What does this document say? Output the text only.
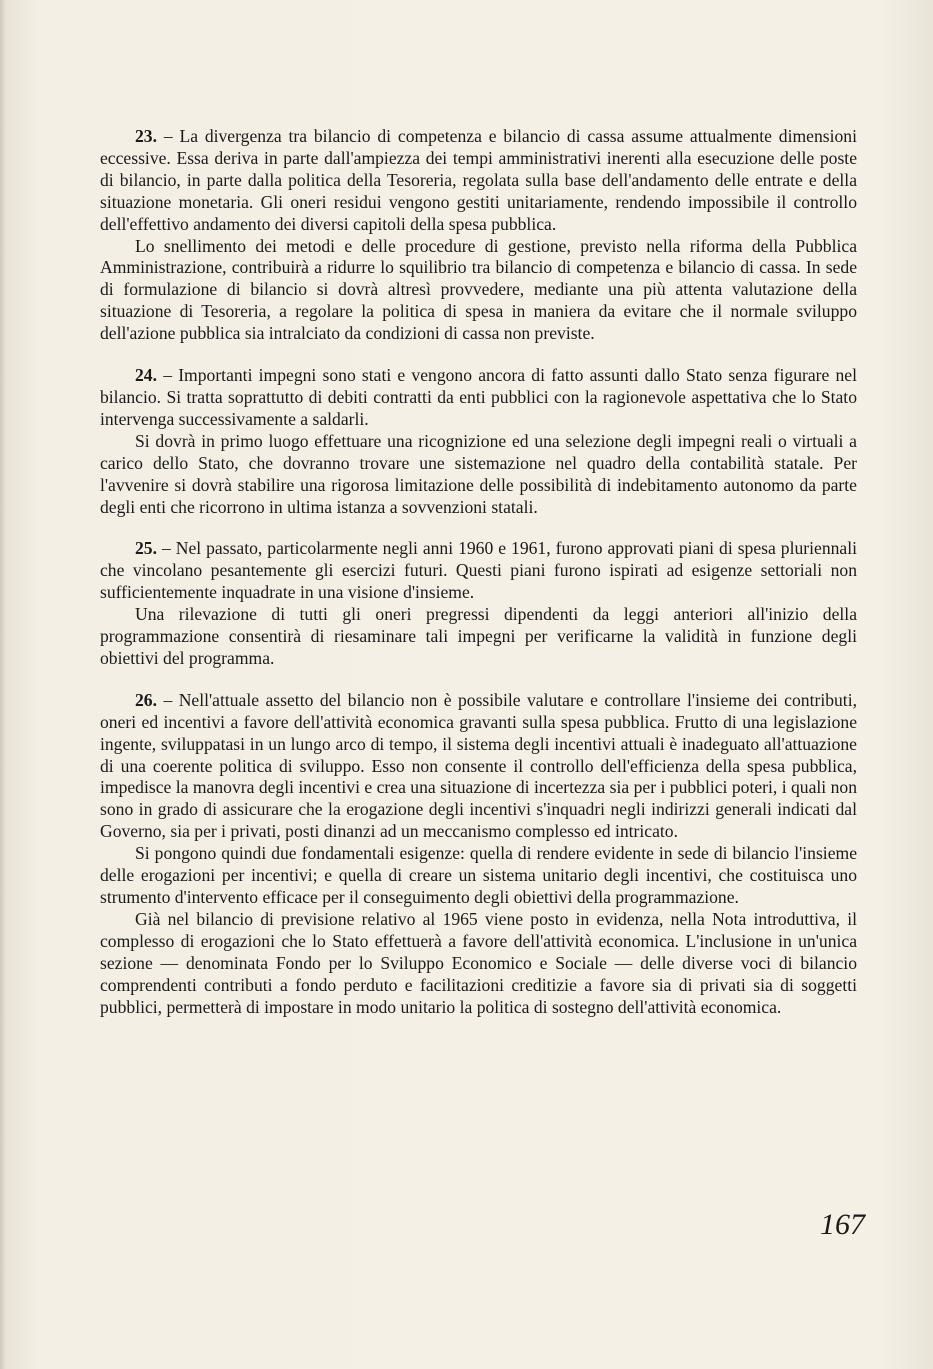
23. – La divergenza tra bilancio di competenza e bilancio di cassa assume attualmente dimensioni eccessive. Essa deriva in parte dall'ampiezza dei tempi amministrativi inerenti alla esecuzione delle poste di bilancio, in parte dalla politica della Tesoreria, regolata sulla base dell'andamento delle entrate e della situazione monetaria. Gli oneri residui vengono gestiti unitariamente, rendendo impossibile il controllo dell'effettivo andamento dei diversi capitoli della spesa pubblica.

Lo snellimento dei metodi e delle procedure di gestione, previsto nella riforma della Pubblica Amministrazione, contribuirà a ridurre lo squilibrio tra bilancio di competenza e bilancio di cassa. In sede di formulazione di bilancio si dovrà altresì provvedere, mediante una più attenta valutazione della situazione di Tesoreria, a regolare la politica di spesa in maniera da evitare che il normale sviluppo dell'azione pubblica sia intralciato da condizioni di cassa non previste.

24. – Importanti impegni sono stati e vengono ancora di fatto assunti dallo Stato senza figurare nel bilancio. Si tratta soprattutto di debiti contratti da enti pubblici con la ragionevole aspettativa che lo Stato intervenga successivamente a saldarli.

Si dovrà in primo luogo effettuare una ricognizione ed una selezione degli impegni reali o virtuali a carico dello Stato, che dovranno trovare une sistemazione nel quadro della contabilità statale. Per l'avvenire si dovrà stabilire una rigorosa limitazione delle possibilità di indebitamento autonomo da parte degli enti che ricorrono in ultima istanza a sovvenzioni statali.

25. – Nel passato, particolarmente negli anni 1960 e 1961, furono approvati piani di spesa pluriennali che vincolano pesantemente gli esercizi futuri. Questi piani furono ispirati ad esigenze settoriali non sufficientemente inquadrate in una visione d'insieme.

Una rilevazione di tutti gli oneri pregressi dipendenti da leggi anteriori all'inizio della programmazione consentirà di riesaminare tali impegni per verificarne la validità in funzione degli obiettivi del programma.

26. – Nell'attuale assetto del bilancio non è possibile valutare e controllare l'insieme dei contributi, oneri ed incentivi a favore dell'attività economica gravanti sulla spesa pubblica. Frutto di una legislazione ingente, sviluppatasi in un lungo arco di tempo, il sistema degli incentivi attuali è inadeguato all'attuazione di una coerente politica di sviluppo. Esso non consente il controllo dell'efficienza della spesa pubblica, impedisce la manovra degli incentivi e crea una situazione di incertezza sia per i pubblici poteri, i quali non sono in grado di assicurare che la erogazione degli incentivi s'inquadri negli indirizzi generali indicati dal Governo, sia per i privati, posti dinanzi ad un meccanismo complesso ed intricato.

Si pongono quindi due fondamentali esigenze: quella di rendere evidente in sede di bilancio l'insieme delle erogazioni per incentivi; e quella di creare un sistema unitario degli incentivi, che costituisca uno strumento d'intervento efficace per il conseguimento degli obiettivi della programmazione.

Già nel bilancio di previsione relativo al 1965 viene posto in evidenza, nella Nota introduttiva, il complesso di erogazioni che lo Stato effettuerà a favore dell'attività economica. L'inclusione in un'unica sezione — denominata Fondo per lo Sviluppo Economico e Sociale — delle diverse voci di bilancio comprendenti contributi a fondo perduto e facilitazioni creditizie a favore sia di privati sia di soggetti pubblici, permetterà di impostare in modo unitario la politica di sostegno dell'attività economica.

167
